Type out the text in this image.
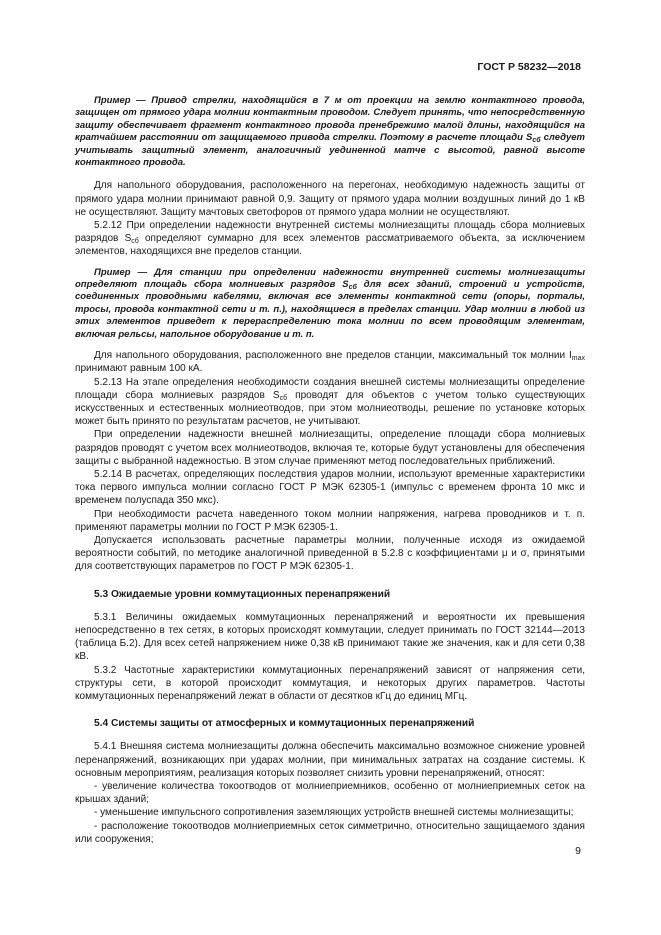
ГОСТ Р 58232—2018

Пример — Привод стрелки, находящийся в 7 м от проекции на землю контактного провода, защищен от прямого удара молнии контактным проводом. Следует принять, что непосредственную защиту обеспечивает фрагмент контактного провода пренебрежимо малой длины, находящийся на кратчайшем расстоянии от защищаемого привода стрелки. Поэтому в расчете площади $S_{сб}$ следует учитывать защитный элемент, аналогичный уединенной матче с высотой, равной высоте контактного провода.

Для напольного оборудования, расположенного на перегонах, необходимую надежность защиты от прямого удара молнии принимают равной 0,9. Защиту от прямого удара молнии воздушных линий до 1 кВ не осуществляют. Защиту мачтовых светофоров от прямого удара молнии не осуществляют.

5.2.12 При определении надежности внутренней системы молниезащиты площадь сбора молниевых разрядов $S_{сб}$ определяют суммарно для всех элементов рассматриваемого объекта, за исключением элементов, находящихся вне пределов станции.

Пример — Для станции при определении надежности внутренней системы молниезащиты определяют площадь сбора молниевых разрядов $S_{сб}$ для всех зданий, строений и устройств, соединенных проводными кабелями, включая все элементы контактной сети (опоры, порталы, тросы, провода контактной сети и т. п.), находящиеся в пределах станции. Удар молнии в любой из этих элементов приведет к перераспределению тока молнии по всем проводящим элементам, включая рельсы, напольное оборудование и т. п.

Для напольного оборудования, расположенного вне пределов станции, максимальный ток молнии $I_{max}$ принимают равным 100 кА.

5.2.13 На этапе определения необходимости создания внешней системы молниезащиты определение площади сбора молниевых разрядов $S_{сб}$ проводят для объектов с учетом только существующих искусственных и естественных молниеотводов, при этом молниеотводы, решение по установке которых может быть принято по результатам расчетов, не учитывают.

При определении надежности внешней молниезащиты, определение площади сбора молниевых разрядов проводят с учетом всех молниеотводов, включая те, которые будут установлены для обеспечения защиты с выбранной надежностью. В этом случае применяют метод последовательных приближений.

5.2.14 В расчетах, определяющих последствия ударов молнии, используют временные характеристики тока первого импульса молнии согласно ГОСТ Р МЭК 62305-1 (импульс с временем фронта 10 мкс и временем полуспада 350 мкс).

При необходимости расчета наведенного током молнии напряжения, нагрева проводников и т. п. применяют параметры молнии по ГОСТ Р МЭК 62305-1.

Допускается использовать расчетные параметры молнии, полученные исходя из ожидаемой вероятности событий, по методике аналогичной приведенной в 5.2.8 с коэффициентами μ и σ, принятыми для соответствующих параметров по ГОСТ Р МЭК 62305-1.

5.3 Ожидаемые уровни коммутационных перенапряжений

5.3.1 Величины ожидаемых коммутационных перенапряжений и вероятности их превышения непосредственно в тех сетях, в которых происходят коммутации, следует принимать по ГОСТ 32144—2013 (таблица Б.2). Для всех сетей напряжением ниже 0,38 кВ принимают такие же значения, как и для сети 0,38 кВ.

5.3.2 Частотные характеристики коммутационных перенапряжений зависят от напряжения сети, структуры сети, в которой происходит коммутация, и некоторых других параметров. Частоты коммутационных перенапряжений лежат в области от десятков кГц до единиц МГц.

5.4 Системы защиты от атмосферных и коммутационных перенапряжений

5.4.1 Внешняя система молниезащиты должна обеспечить максимально возможное снижение уровней перенапряжений, возникающих при ударах молнии, при минимальных затратах на создание системы. К основным мероприятиям, реализация которых позволяет снизить уровни перенапряжений, относят:

- увеличение количества токоотводов от молниеприемников, особенно от молниеприемных сеток на крышах зданий;

- уменьшение импульсного сопротивления заземляющих устройств внешней системы молниезащиты;

- расположение токоотводов молниеприемных сеток симметрично, относительно защищаемого здания или сооружения;

9
